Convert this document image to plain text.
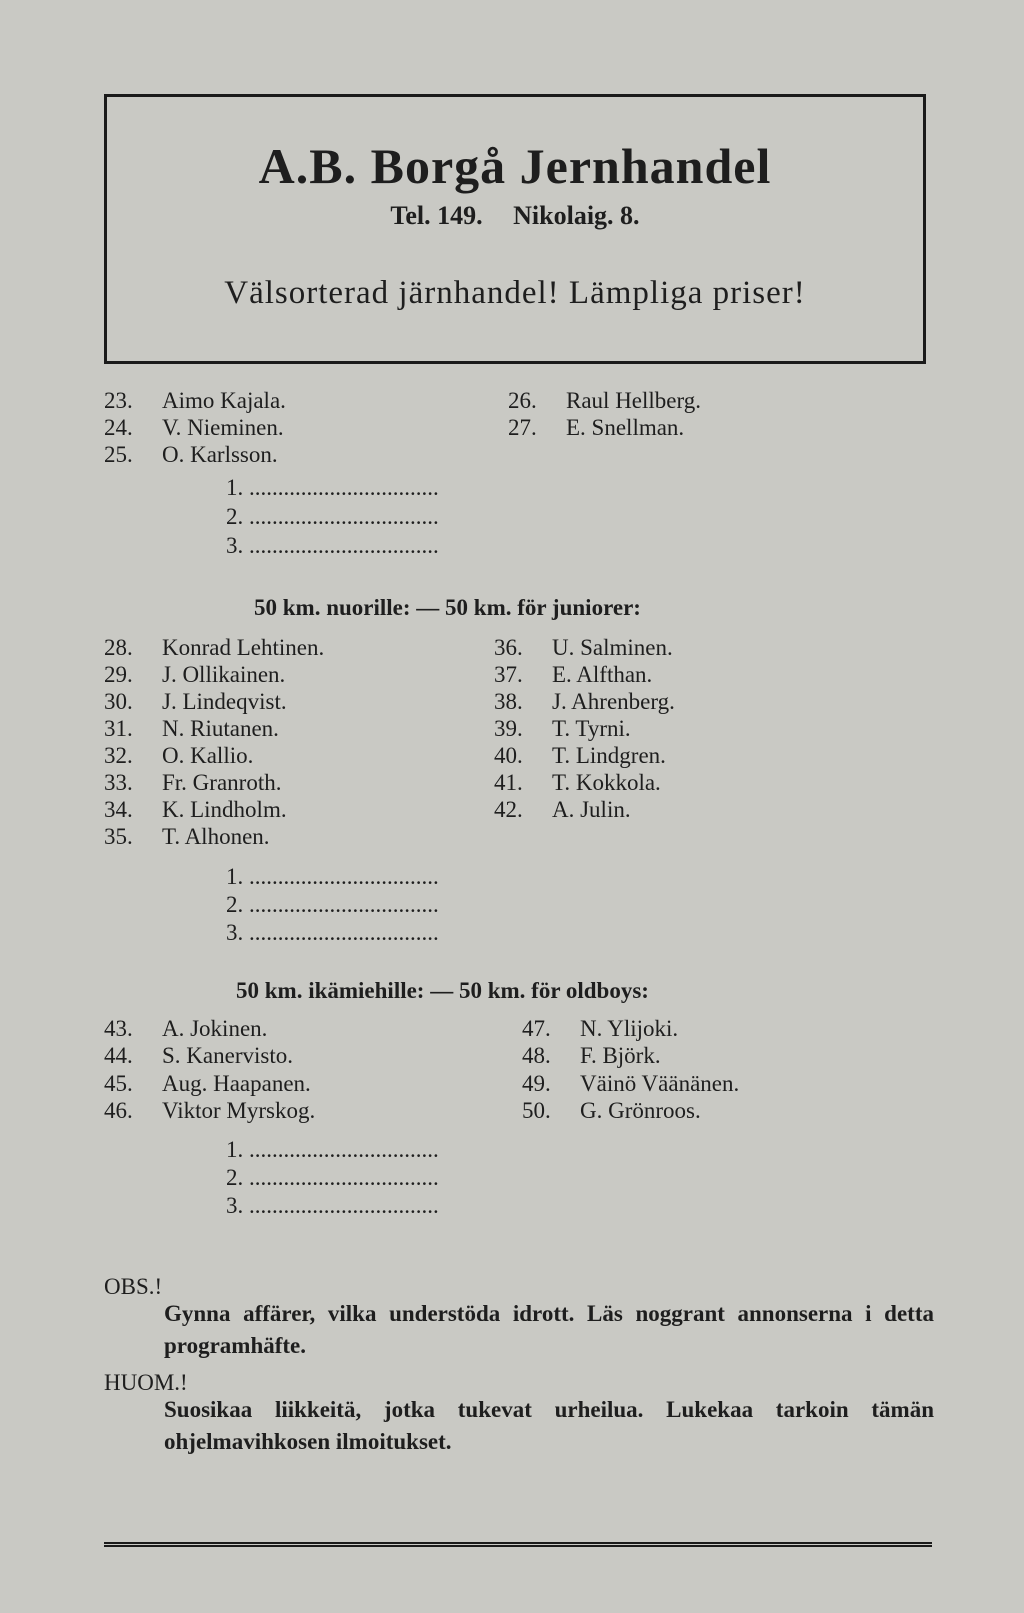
A.B. Borgå Jernhandel
Tel. 149. Nikolaig. 8.
Välsorterad järnhandel! Lämpliga priser!
23. Aimo Kajala.
24. V. Nieminen.
25. O. Karlsson.
26. Raul Hellberg.
27. E. Snellman.
1. .................................
2. .................................
3. .................................
50 km. nuorille: — 50 km. för juniorer:
28. Konrad Lehtinen.
29. J. Ollikainen.
30. J. Lindeqvist.
31. N. Riutanen.
32. O. Kallio.
33. Fr. Granroth.
34. K. Lindholm.
35. T. Alhonen.
36. U. Salminen.
37. E. Alfthan.
38. J. Ahrenberg.
39. T. Tyrni.
40. T. Lindgren.
41. T. Kokkola.
42. A. Julin.
1. .................................
2. .................................
3. .................................
50 km. ikämiehille: — 50 km. för oldboys:
43. A. Jokinen.
44. S. Kanervisto.
45. Aug. Haapanen.
46. Viktor Myrskog.
47. N. Ylijoki.
48. F. Björk.
49. Väinö Väänänen.
50. G. Grönroos.
1. .................................
2. .................................
3. .................................
OBS.!
Gynna affärer, vilka understöda idrott. Läs noggrant annonserna i detta programhäfte.
HUOM.!
Suosikaa liikkeitä, jotka tukevat urheilua. Lukekaa tarkoin tämän ohjelmavihkosen ilmoitukset.
